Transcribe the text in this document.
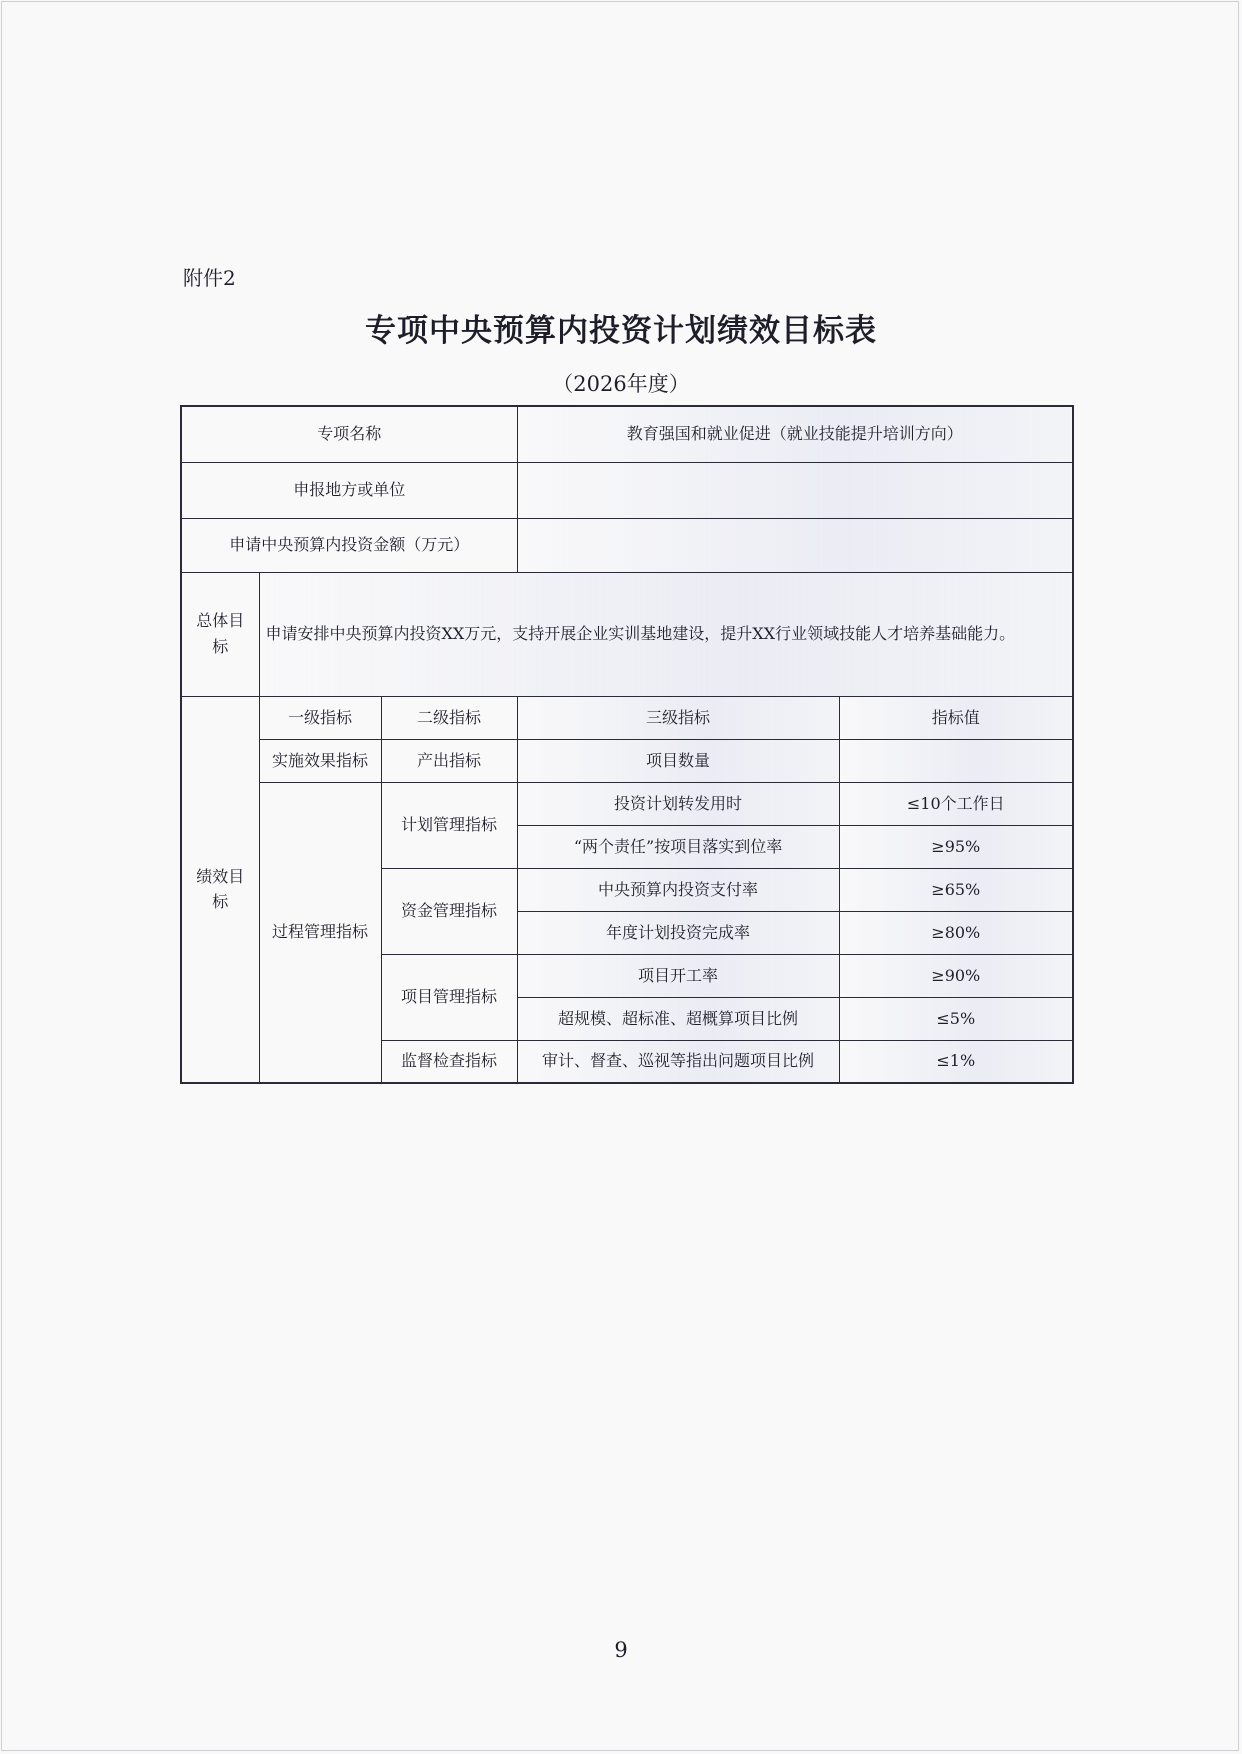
附件2
专项中央预算内投资计划绩效目标表
（2026年度）
专项名称			教育强国和就业促进（就业技能提升培训方向）	
申报地方或单位				
申请中央预算内投资金额（万元）				
总体目标	申请安排中央预算内投资XX万元，支持开展企业实训基地建设，提升XX行业领域技能人才培养基础能力。			
绩效目标	一级指标	二级指标	三级指标	指标值
	实施效果指标	产出指标	项目数量	
	过程管理指标	计划管理指标	投资计划转发用时	≤10个工作日
			“两个责任”按项目落实到位率	≥95%
		资金管理指标	中央预算内投资支付率	≥65%
			年度计划投资完成率	≥80%
		项目管理指标	项目开工率	≥90%
			超规模、超标准、超概算项目比例	≤5%
		监督检查指标	审计、督查、巡视等指出问题项目比例	≤1%
9
